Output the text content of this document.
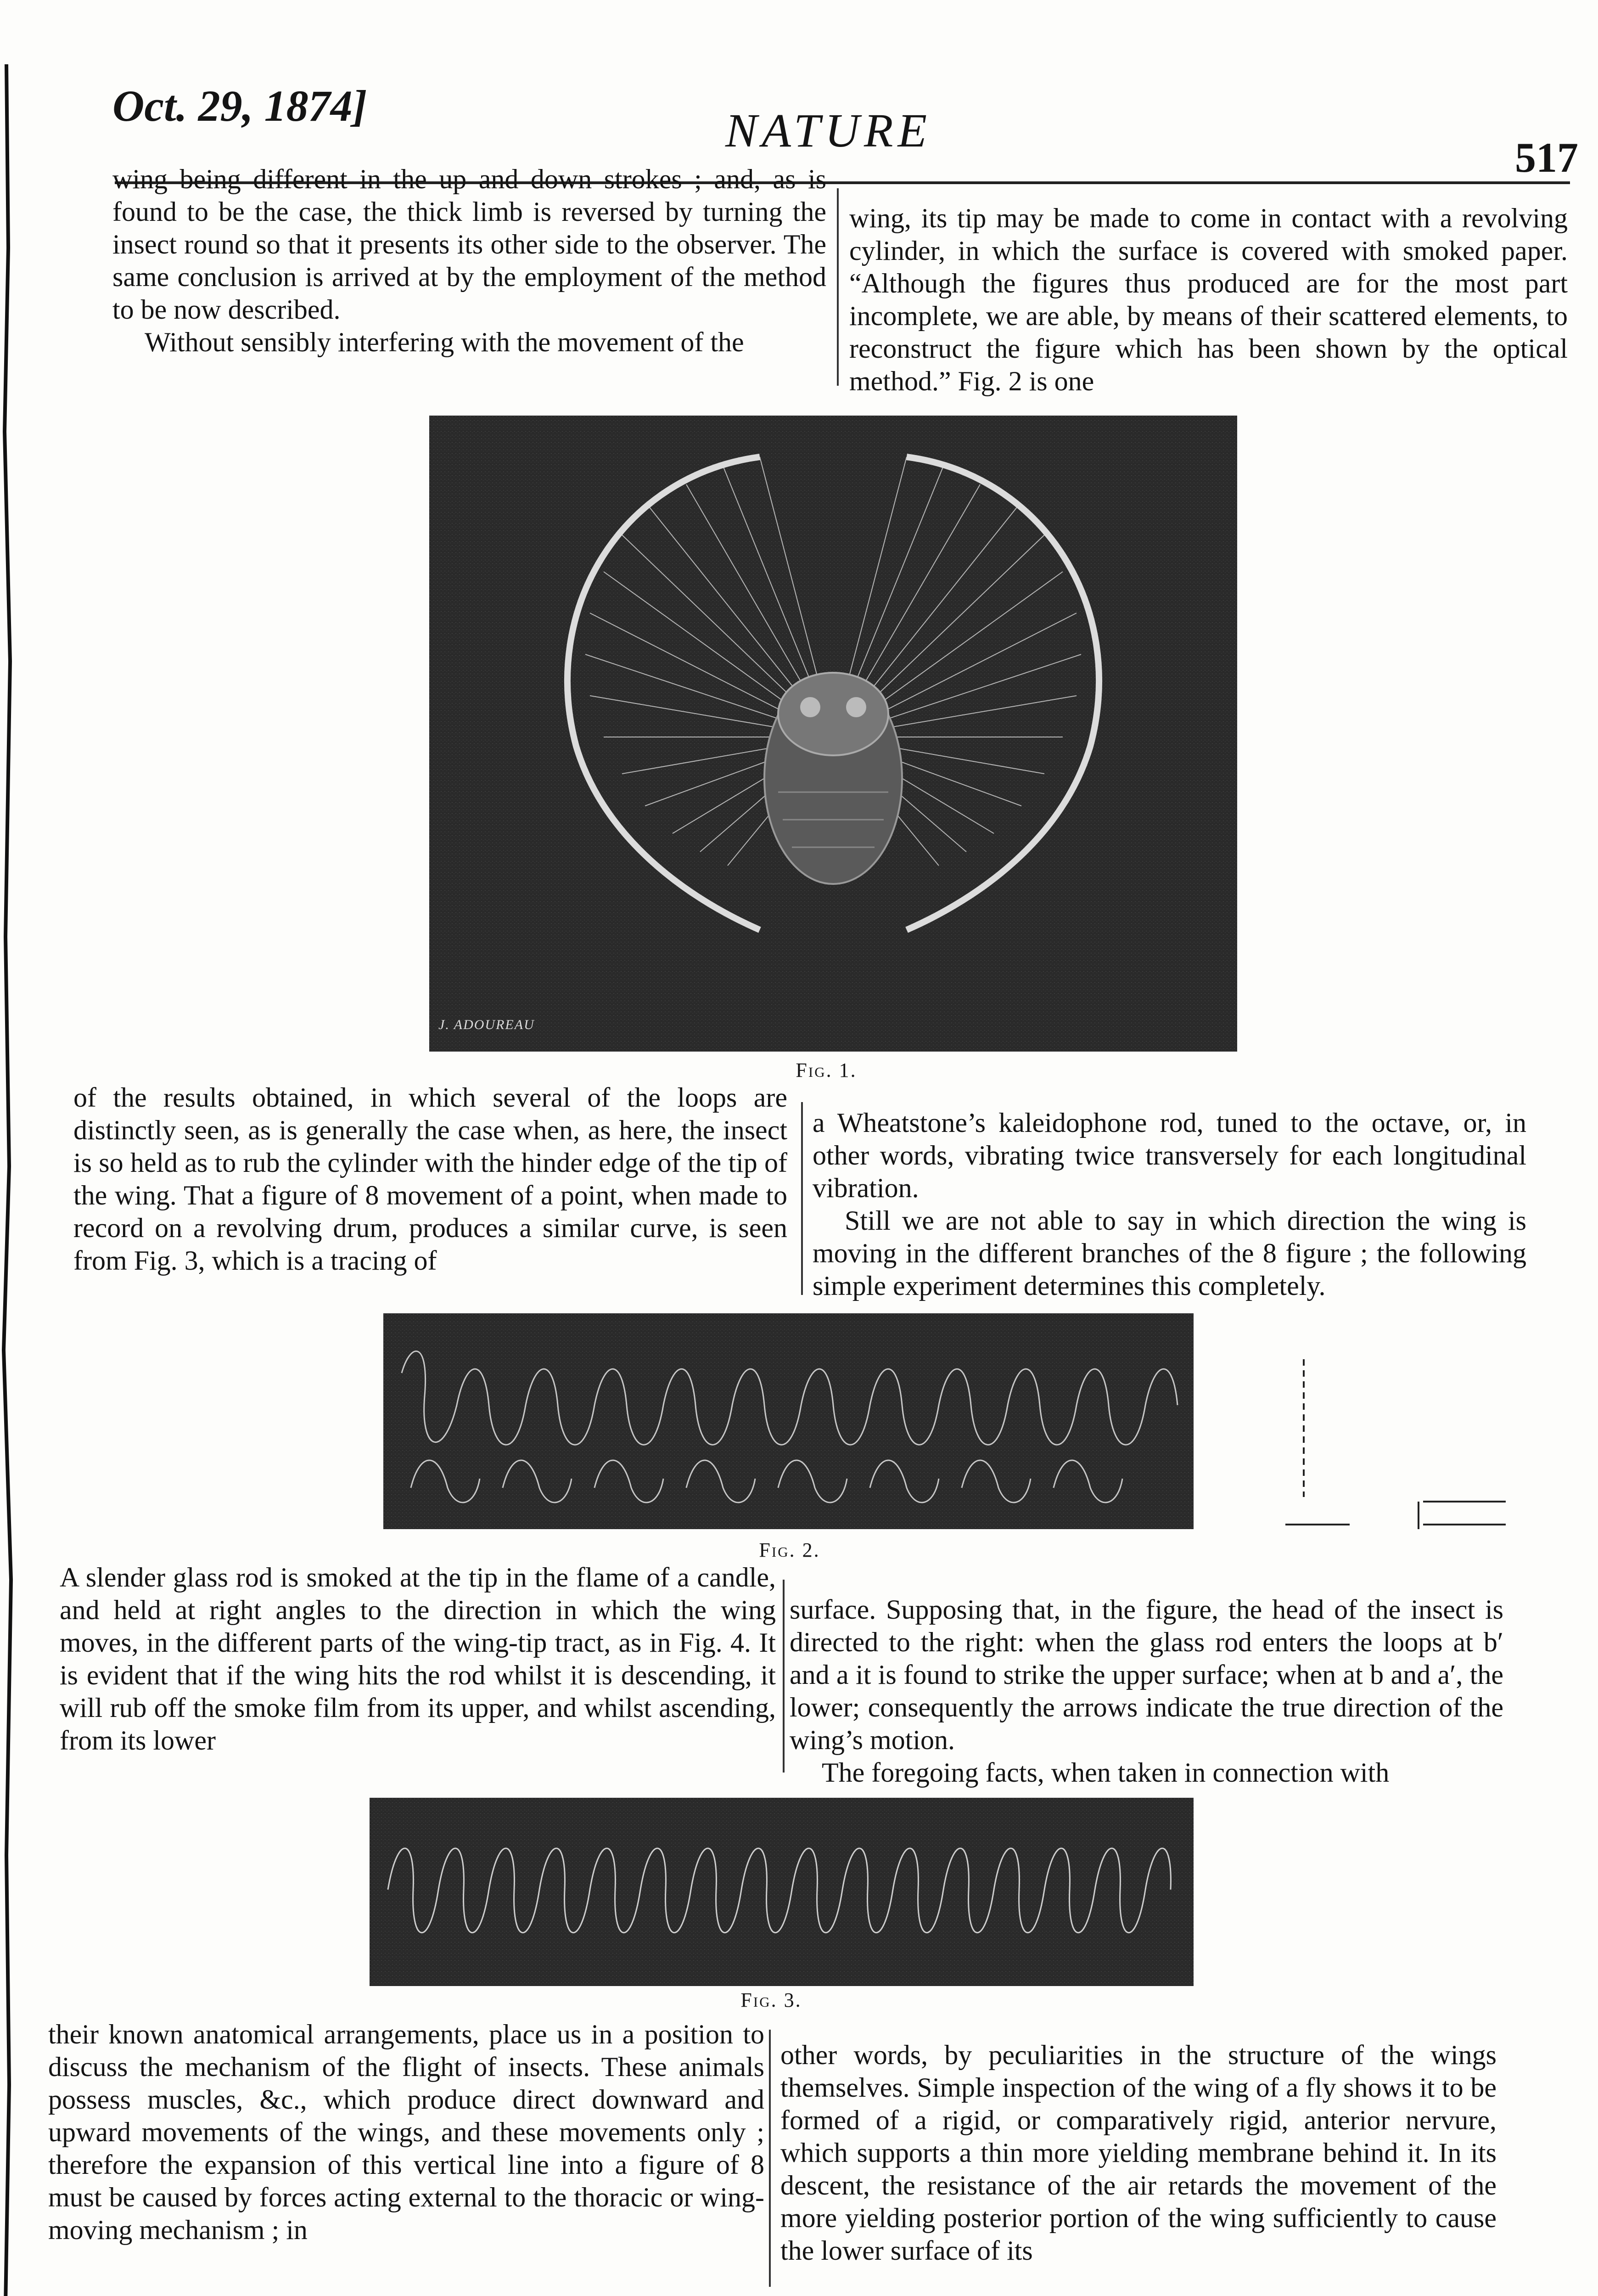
Oct. 29, 1874]	NATURE
517

wing being different in the up and down strokes ; and, as is found to be the case, the thick limb is reversed by turning the insect round so that it presents its other side to the observer. The same conclusion is arrived at by the employment of the method to be now described.

Without sensibly interfering with the movement of the

wing, its tip may be made to come in contact with a revolving cylinder, in which the surface is covered with smoked paper. “Although the figures thus produced are for the most part incomplete, we are able, by means of their scattered elements, to reconstruct the figure which has been shown by the optical method.” Fig. 2 is one

J. ADOUREAU
Fig. 1.

of the results obtained, in which several of the loops are distinctly seen, as is generally the case when, as here, the insect is so held as to rub the cylinder with the hinder edge of the tip of the wing. That a figure of 8 movement of a point, when made to record on a revolving drum, produces a similar curve, is seen from Fig. 3, which is a tracing of

a Wheatstone’s kaleidophone rod, tuned to the octave, or, in other words, vibrating twice transversely for each longitudinal vibration.

Still we are not able to say in which direction the wing is moving in the different branches of the 8 figure ; the following simple experiment determines this completely.

Fig. 2.

A slender glass rod is smoked at the tip in the flame of a candle, and held at right angles to the direction in which the wing moves, in the different parts of the wing-tip tract, as in Fig. 4. It is evident that if the wing hits the rod whilst it is descending, it will rub off the smoke film from its upper, and whilst ascending, from its lower

surface. Supposing that, in the figure, the head of the insect is directed to the right: when the glass rod enters the loops at b′ and a it is found to strike the upper surface; when at b and a′, the lower; consequently the arrows indicate the true direction of the wing’s motion.

The foregoing facts, when taken in connection with

Fig. 3.

their known anatomical arrangements, place us in a position to discuss the mechanism of the flight of insects. These animals possess muscles, &c., which produce direct downward and upward movements of the wings, and these movements only ; therefore the expansion of this vertical line into a figure of 8 must be caused by forces acting external to the thoracic or wing-moving mechanism ; in

other words, by peculiarities in the structure of the wings themselves. Simple inspection of the wing of a fly shows it to be formed of a rigid, or comparatively rigid, anterior nervure, which supports a thin more yielding membrane behind it. In its descent, the resistance of the air retards the movement of the more yielding posterior portion of the wing sufficiently to cause the lower surface of its
